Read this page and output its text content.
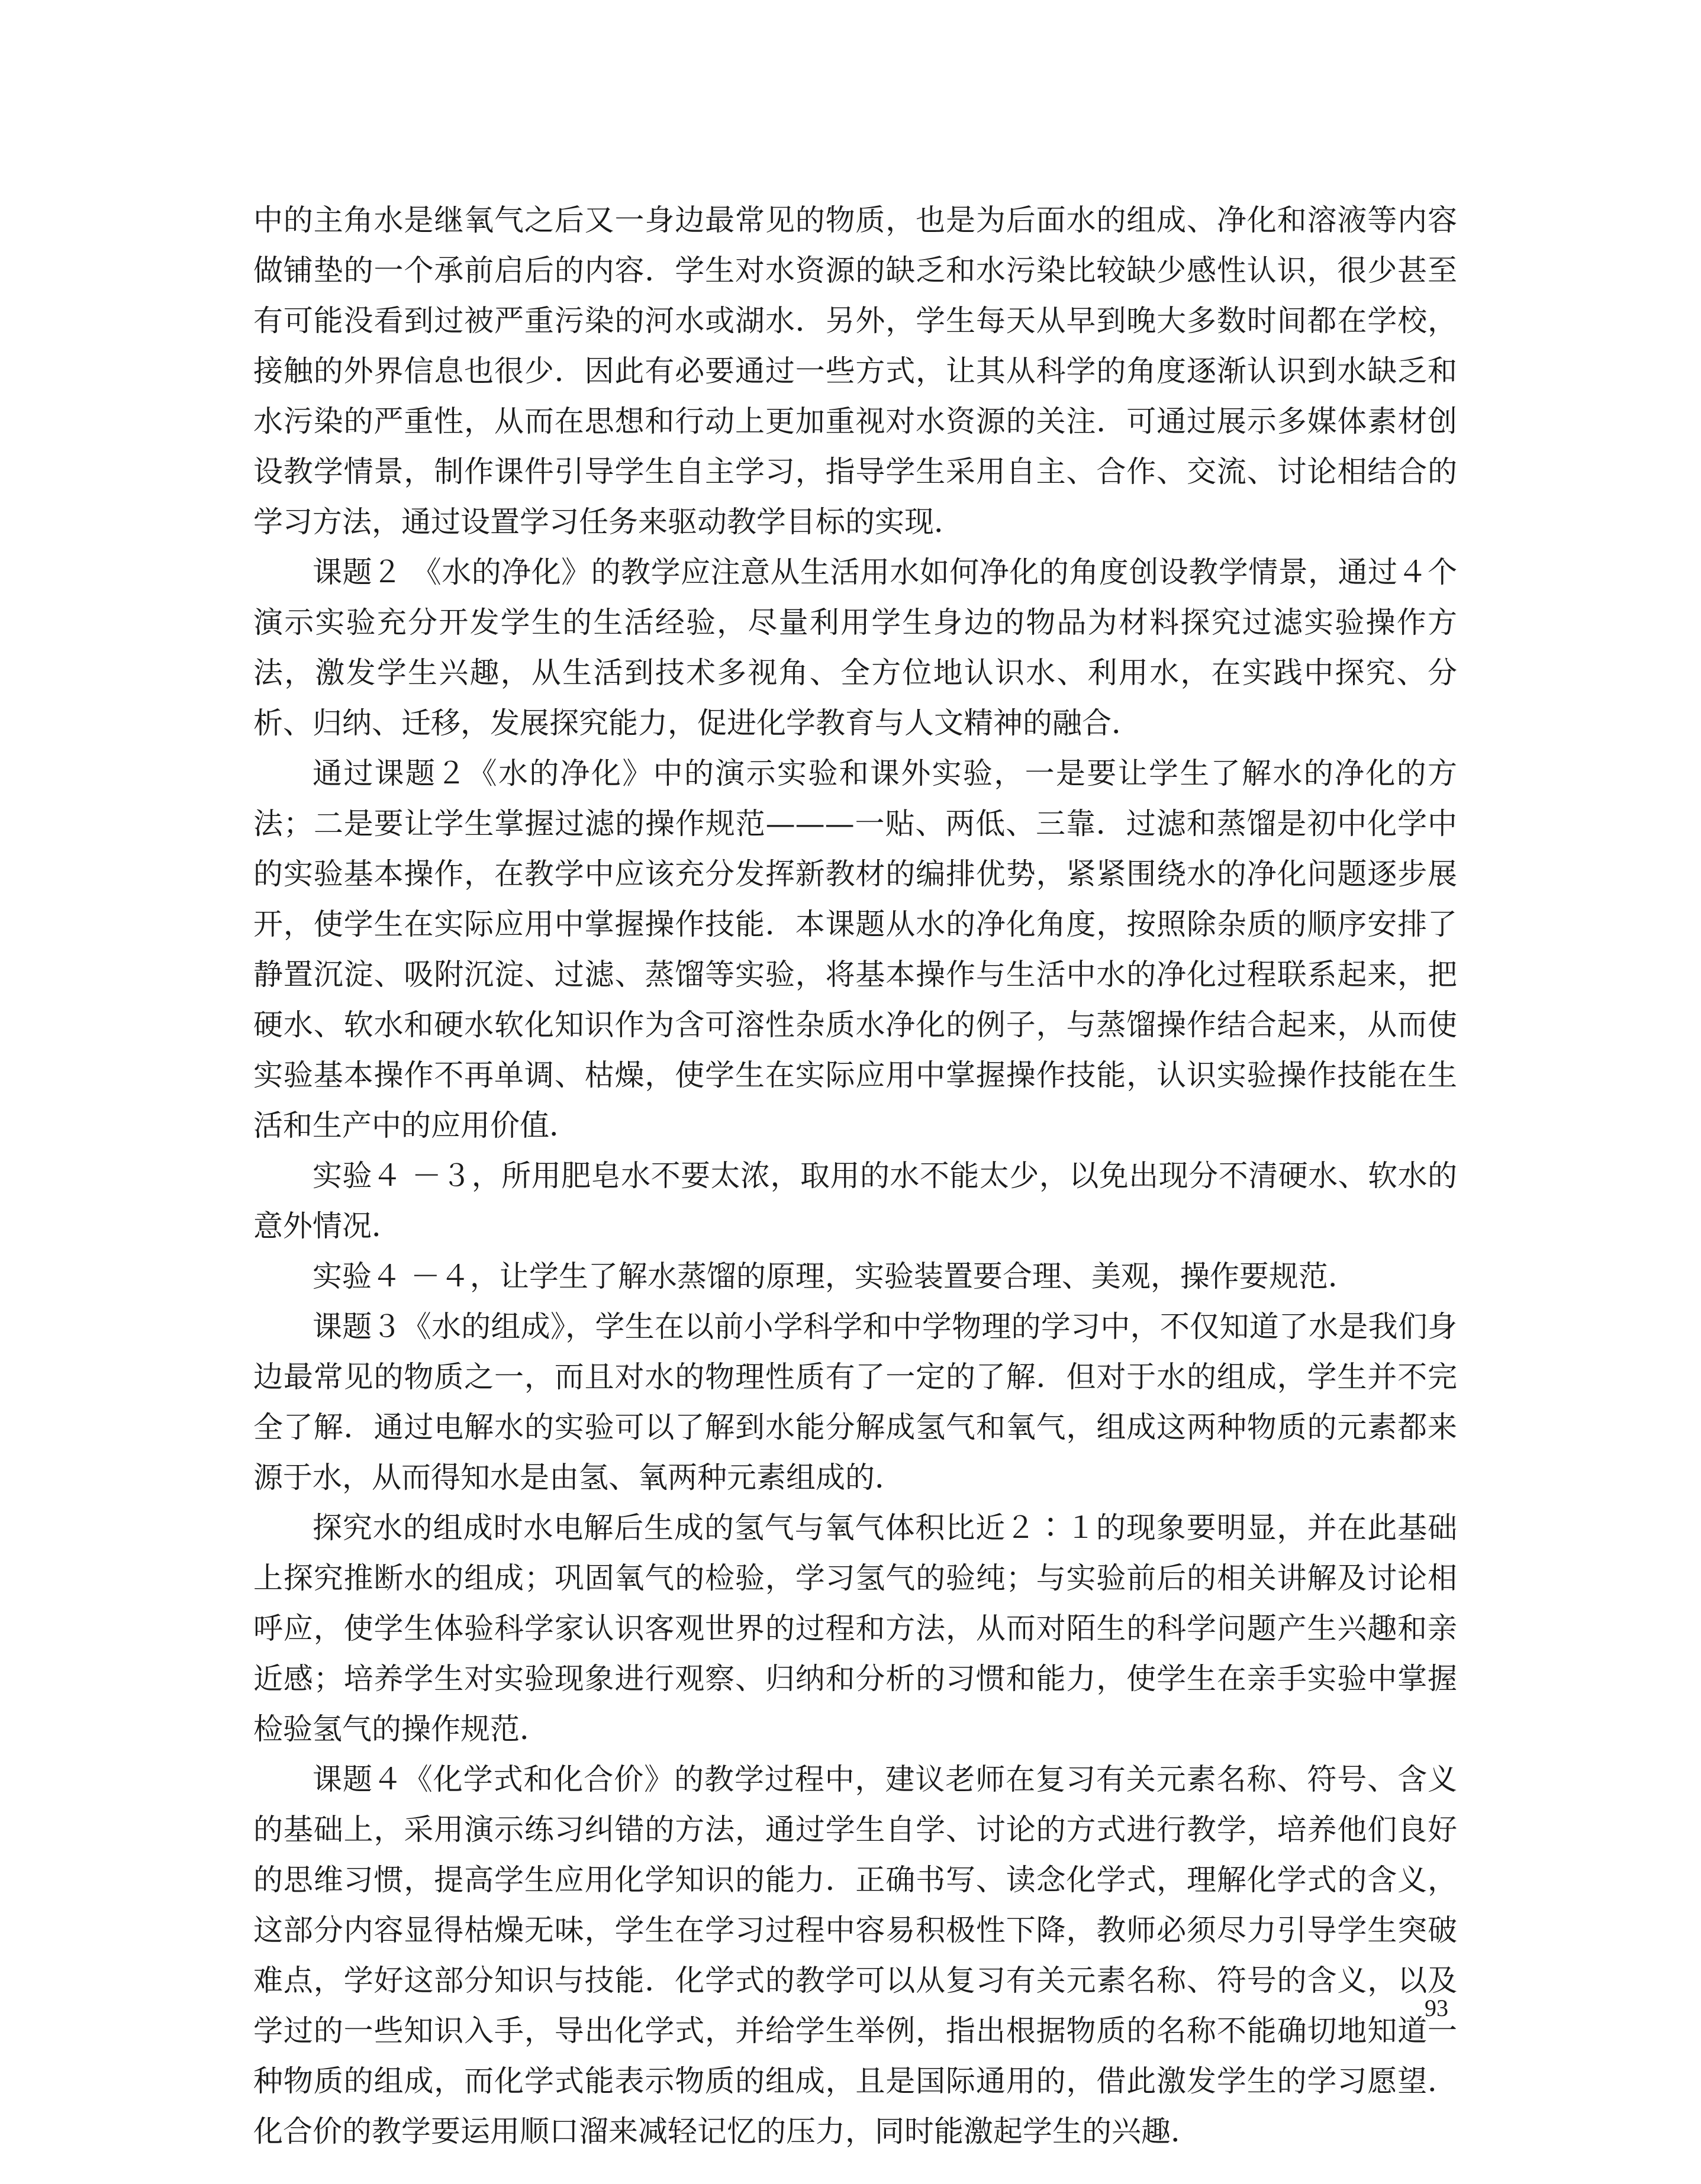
中的主角水是继氧气之后又一身边最常见的物质，也是为后面水的组成、净化和溶液等内容做铺垫的一个承前启后的内容．学生对水资源的缺乏和水污染比较缺少感性认识，很少甚至有可能没看到过被严重污染的河水或湖水．另外，学生每天从早到晚大多数时间都在学校，接触的外界信息也很少．因此有必要通过一些方式，让其从科学的角度逐渐认识到水缺乏和水污染的严重性，从而在思想和行动上更加重视对水资源的关注．可通过展示多媒体素材创设教学情景，制作课件引导学生自主学习，指导学生采用自主、合作、交流、讨论相结合的学习方法，通过设置学习任务来驱动教学目标的实现．

课题２ 《水的净化》的教学应注意从生活用水如何净化的角度创设教学情景，通过４个演示实验充分开发学生的生活经验，尽量利用学生身边的物品为材料探究过滤实验操作方法，激发学生兴趣，从生活到技术多视角、全方位地认识水、利用水，在实践中探究、分析、归纳、迁移，发展探究能力，促进化学教育与人文精神的融合．

通过课题２《水的净化》中的演示实验和课外实验，一是要让学生了解水的净化的方法；二是要让学生掌握过滤的操作规范———一贴、两低、三靠．过滤和蒸馏是初中化学中的实验基本操作，在教学中应该充分发挥新教材的编排优势，紧紧围绕水的净化问题逐步展开，使学生在实际应用中掌握操作技能．本课题从水的净化角度，按照除杂质的顺序安排了静置沉淀、吸附沉淀、过滤、蒸馏等实验，将基本操作与生活中水的净化过程联系起来，把硬水、软水和硬水软化知识作为含可溶性杂质水净化的例子，与蒸馏操作结合起来，从而使实验基本操作不再单调、枯燥，使学生在实际应用中掌握操作技能，认识实验操作技能在生活和生产中的应用价值．

实验４ －３，所用肥皂水不要太浓，取用的水不能太少，以免出现分不清硬水、软水的意外情况．

实验４ －４，让学生了解水蒸馏的原理，实验装置要合理、美观，操作要规范．

课题３《水的组成》，学生在以前小学科学和中学物理的学习中，不仅知道了水是我们身边最常见的物质之一，而且对水的物理性质有了一定的了解．但对于水的组成，学生并不完全了解．通过电解水的实验可以了解到水能分解成氢气和氧气，组成这两种物质的元素都来源于水，从而得知水是由氢、氧两种元素组成的．

探究水的组成时水电解后生成的氢气与氧气体积比近２∶１的现象要明显，并在此基础上探究推断水的组成；巩固氧气的检验，学习氢气的验纯；与实验前后的相关讲解及讨论相呼应，使学生体验科学家认识客观世界的过程和方法，从而对陌生的科学问题产生兴趣和亲近感；培养学生对实验现象进行观察、归纳和分析的习惯和能力，使学生在亲手实验中掌握检验氢气的操作规范．

课题４《化学式和化合价》的教学过程中，建议老师在复习有关元素名称、符号、含义的基础上，采用演示练习纠错的方法，通过学生自学、讨论的方式进行教学，培养他们良好的思维习惯，提高学生应用化学知识的能力．正确书写、读念化学式，理解化学式的含义，这部分内容显得枯燥无味，学生在学习过程中容易积极性下降，教师必须尽力引导学生突破难点，学好这部分知识与技能．化学式的教学可以从复习有关元素名称、符号的含义，以及学过的一些知识入手，导出化学式，并给学生举例，指出根据物质的名称不能确切地知道一种物质的组成，而化学式能表示物质的组成，且是国际通用的，借此激发学生的学习愿望．化合价的教学要运用顺口溜来减轻记忆的压力，同时能激起学生的兴趣．

93
